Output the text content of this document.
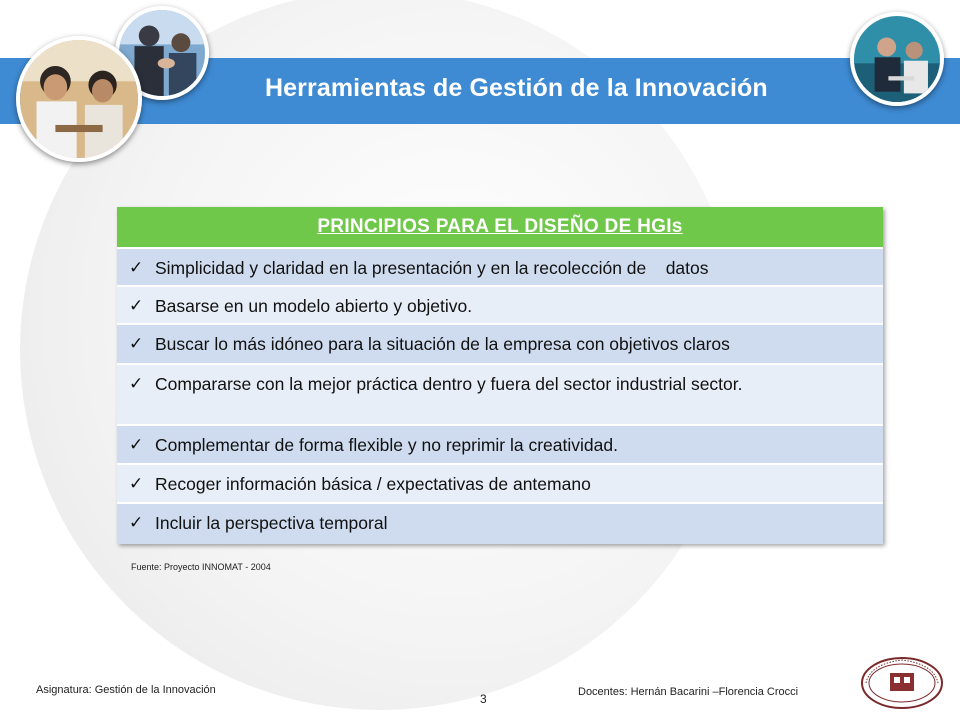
Herramientas de Gestión de la Innovación
PRINCIPIOS PARA EL DISEÑO DE HGIs
✓ Simplicidad y claridad en la presentación y en la recolección de    datos
✓ Basarse en un modelo abierto y objetivo.
✓ Buscar lo más idóneo para la situación de la empresa con objetivos claros
✓ Compararse con la mejor práctica dentro y fuera del sector industrial sector.
✓ Complementar de forma flexible y no reprimir la creatividad.
✓ Recoger información básica / expectativas de antemano
✓ Incluir la perspectiva temporal
Fuente: Proyecto INNOMAT - 2004
Asignatura: Gestión de la Innovación
3	Docentes: Hernán Bacarini –Florencia Crocci
